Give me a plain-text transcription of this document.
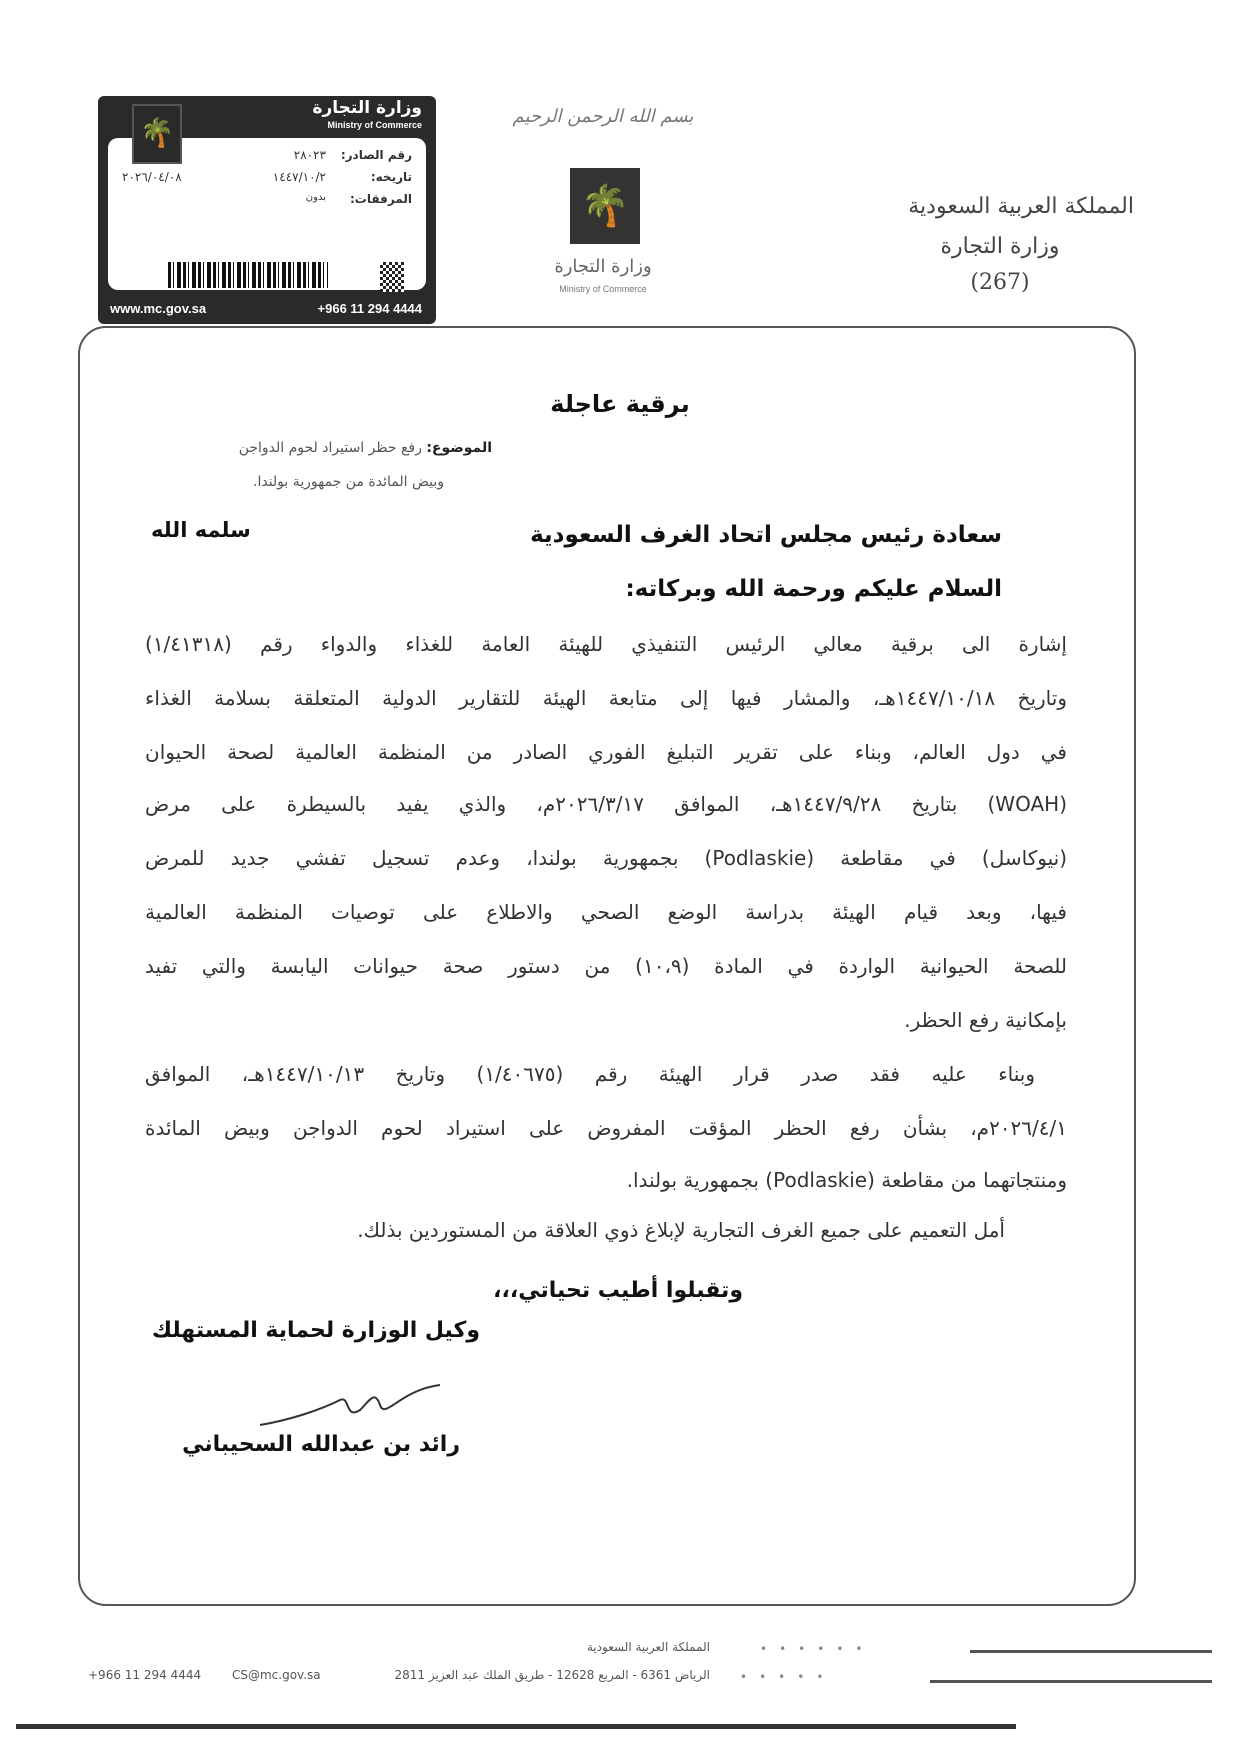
🌴
وزارة التجارة
Ministry of Commerce
رقم الصادر:
٢٨٠٢٣
تاريخه:
١٤٤٧/١٠/٢
٢٠٢٦/٠٤/٠٨
المرفقات:
بدون
www.mc.gov.sa	+966 11 294 4444
بسم الله الرحمن الرحيم
🌴
وزارة التجارة
Ministry of Commerce
المملكة العربية السعودية
وزارة التجارة
(267)
برقية عاجلة
الموضوع: رفع حظر استيراد لحوم الدواجن
وبيض المائدة من جمهورية بولندا.
سلمه الله	سعادة رئيس مجلس اتحاد الغرف السعودية
السلام عليكم ورحمة الله وبركاته:
إشارة الى برقية معالي الرئيس التنفيذي للهيئة العامة للغذاء والدواء رقم (١/٤١٣١٨)
وتاريخ ١٤٤٧/١٠/١٨هـ، والمشار فيها إلى متابعة الهيئة للتقارير الدولية المتعلقة بسلامة الغذاء
في دول العالم، وبناء على تقرير التبليغ الفوري الصادر من المنظمة العالمية لصحة الحيوان
(WOAH) بتاريخ ١٤٤٧/٩/٢٨هـ، الموافق ٢٠٢٦/٣/١٧م، والذي يفيد بالسيطرة على مرض
(نيوكاسل) في مقاطعة (Podlaskie) بجمهورية بولندا، وعدم تسجيل تفشي جديد للمرض
فيها، وبعد قيام الهيئة بدراسة الوضع الصحي والاطلاع على توصيات المنظمة العالمية
للصحة الحيوانية الواردة في المادة (١٠،٩) من دستور صحة حيوانات اليابسة والتي تفيد
بإمكانية رفع الحظر.
وبناء عليه فقد صدر قرار الهيئة رقم (١/٤٠٦٧٥) وتاريخ ١٤٤٧/١٠/١٣هـ، الموافق
٢٠٢٦/٤/١م، بشأن رفع الحظر المؤقت المفروض على استيراد لحوم الدواجن وبيض المائدة
ومنتجاتهما من مقاطعة (Podlaskie) بجمهورية بولندا.
أمل التعميم على جميع الغرف التجارية لإبلاغ ذوي العلاقة من المستوردين بذلك.
وتقبلوا أطيب تحياتي،،،
وكيل الوزارة لحماية المستهلك
رائد بن عبدالله السحيباني
المملكة العربية السعودية
الرياض 6361 - المربع 12628 - طريق الملك عبد العزيز 2811
CS@mc.gov.sa
+966 11 294 4444
••••••
•••••
